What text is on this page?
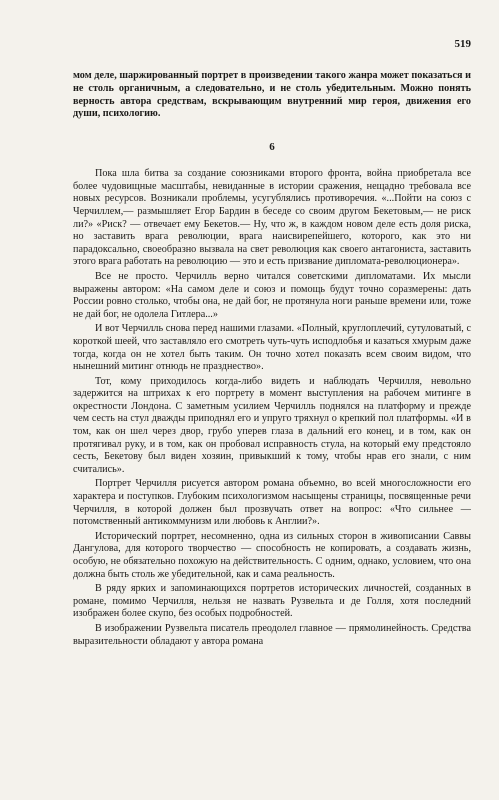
519

мом деле, шаржированный портрет в произведении такого жанра может показаться и не столь органичным, а следовательно, и не столь убедительным. Можно понять верность автора средствам, вскрывающим внутренний мир героя, движения его души, психологию.

6

Пока шла битва за создание союзниками второго фронта, война приобретала все более чудовищные масштабы, невиданные в истории сражения, нещадно требовала все новых ресурсов. Возникали проблемы, усугублялись противоречия. «...Пойти на союз с Черчиллем,— размышляет Егор Бардин в беседе со своим другом Бекетовым,— не риск ли?» «Риск? — отвечает ему Бекетов.— Ну, что ж, в каждом новом деле есть доля риска, но заставить врага революции, врага наисвирепейшего, которого, как это ни парадоксально, своеобразно вызвала на свет революция как своего антагониста, заставить этого врага работать на революцию — это и есть призвание дипломата-революционера».

Все не просто. Черчилль верно читался советскими дипломатами. Их мысли выражены автором: «На самом деле и союз и помощь будут точно соразмерены: дать России ровно столько, чтобы она, не дай бог, не протянула ноги раньше времени или, тоже не дай бог, не одолела Гитлера...»

И вот Черчилль снова перед нашими глазами. «Полный, круглоплечий, сутуловатый, с короткой шеей, что заставляло его смотреть чуть-чуть исподлобья и казаться хмурым даже тогда, когда он не хотел быть таким. Он точно хотел показать всем своим видом, что нынешний митинг отнюдь не празднество».

Тот, кому приходилось когда-либо видеть и наблюдать Черчилля, невольно задержится на штрихах к его портрету в момент выступления на рабочем митинге в окрестности Лондона. С заметным усилием Черчилль поднялся на платформу и прежде чем сесть на стул дважды приподнял его и упруго тряхнул о крепкий пол платформы. «И в том, как он шел через двор, грубо уперев глаза в дальний его конец, и в том, как он протягивал руку, и в том, как он пробовал исправность стула, на который ему предстояло сесть, Бекетову был виден хозяин, привыкший к тому, чтобы нрав его знали, с ним считались».

Портрет Черчилля рисуется автором романа объемно, во всей многосложности его характера и поступков. Глубоким психологизмом насыщены страницы, посвященные речи Черчилля, в которой должен был прозвучать ответ на вопрос: «Что сильнее — потомственный антикоммунизм или любовь к Англии?».

Исторический портрет, несомненно, одна из сильных сторон в живописании Саввы Дангулова, для которого творчество — способность не копировать, а создавать жизнь, особую, не обязательно похожую на действительность. С одним, однако, условием, что она должна быть столь же убедительной, как и сама реальность.

В ряду ярких и запоминающихся портретов исторических личностей, созданных в романе, помимо Черчилля, нельзя не назвать Рузвельта и де Голля, хотя последний изображен более скупо, без особых подробностей.

В изображении Рузвельта писатель преодолел главное — прямолинейность. Средства выразительности обладают у автора романа
